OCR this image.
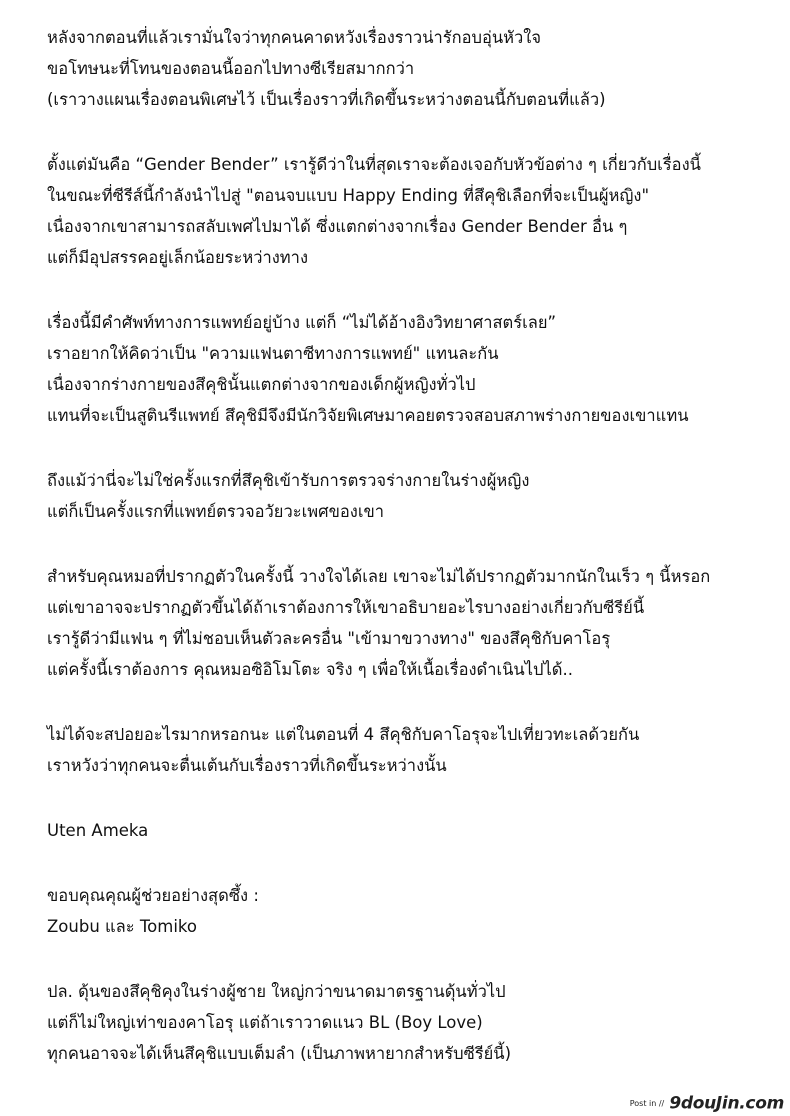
หลังจากตอนที่แล้วเรามั่นใจว่าทุกคนคาดหวังเรื่องราวน่ารักอบอุ่นหัวใจ
ขอโทษนะที่โทนของตอนนี้ออกไปทางซีเรียสมากกว่า
(เราวางแผนเรื่องตอนพิเศษไว้ เป็นเรื่องราวที่เกิดขึ้นระหว่างตอนนี้กับตอนที่แล้ว)
ตั้งแต่มันคือ “Gender Bender” เรารู้ดีว่าในที่สุดเราจะต้องเจอกับหัวข้อต่าง ๆ เกี่ยวกับเรื่องนี้
ในขณะที่ซีรีส์นี้กำลังนำไปสู่ "ตอนจบแบบ Happy Ending ที่สึคุชิเลือกที่จะเป็นผู้หญิง"
เนื่องจากเขาสามารถสลับเพศไปมาได้ ซึ่งแตกต่างจากเรื่อง Gender Bender อื่น ๆ
แต่ก็มีอุปสรรคอยู่เล็กน้อยระหว่างทาง
เรื่องนี้มีคำศัพท์ทางการแพทย์อยู่บ้าง แต่ก็ “ไม่ได้อ้างอิงวิทยาศาสตร์เลย”
เราอยากให้คิดว่าเป็น "ความแฟนตาซีทางการแพทย์" แทนละกัน
เนื่องจากร่างกายของสึคุชินั้นแตกต่างจากของเด็กผู้หญิงทั่วไป
แทนที่จะเป็นสูตินรีแพทย์ สึคุชิมีจึงมีนักวิจัยพิเศษมาคอยตรวจสอบสภาพร่างกายของเขาแทน
ถึงแม้ว่านี่จะไม่ใช่ครั้งแรกที่สึคุชิเข้ารับการตรวจร่างกายในร่างผู้หญิง
แต่ก็เป็นครั้งแรกที่แพทย์ตรวจอวัยวะเพศของเขา
สำหรับคุณหมอที่ปรากฏตัวในครั้งนี้ วางใจได้เลย เขาจะไม่ได้ปรากฏตัวมากนักในเร็ว ๆ นี้หรอก
แต่เขาอาจจะปรากฏตัวขึ้นได้ถ้าเราต้องการให้เขาอธิบายอะไรบางอย่างเกี่ยวกับซีรีย์นี้
เรารู้ดีว่ามีแฟน ๆ ที่ไม่ชอบเห็นตัวละครอื่น "เข้ามาขวางทาง" ของสึคุชิกับคาโอรุ
แต่ครั้งนี้เราต้องการ คุณหมอซิอิโมโตะ จริง ๆ เพื่อให้เนื้อเรื่องดำเนินไปได้..
ไม่ได้จะสปอยอะไรมากหรอกนะ แต่ในตอนที่ 4 สึคุชิกับคาโอรุจะไปเที่ยวทะเลด้วยกัน
เราหวังว่าทุกคนจะตื่นเต้นกับเรื่องราวที่เกิดขึ้นระหว่างนั้น
Uten Ameka
ขอบคุณคุณผู้ช่วยอย่างสุดซึ้ง :
Zoubu และ Tomiko
ปล. ดุ้นของสึคุชิคุงในร่างผู้ชาย ใหญ่กว่าขนาดมาตรฐานดุ้นทั่วไป
แต่ก็ไม่ใหญ่เท่าของคาโอรุ แต่ถ้าเราวาดแนว BL (Boy Love)
ทุกคนอาจจะได้เห็นสึคุชิแบบเต็มลำ (เป็นภาพหายากสำหรับซีรีย์นี้)
Post in // 9douJin.com
